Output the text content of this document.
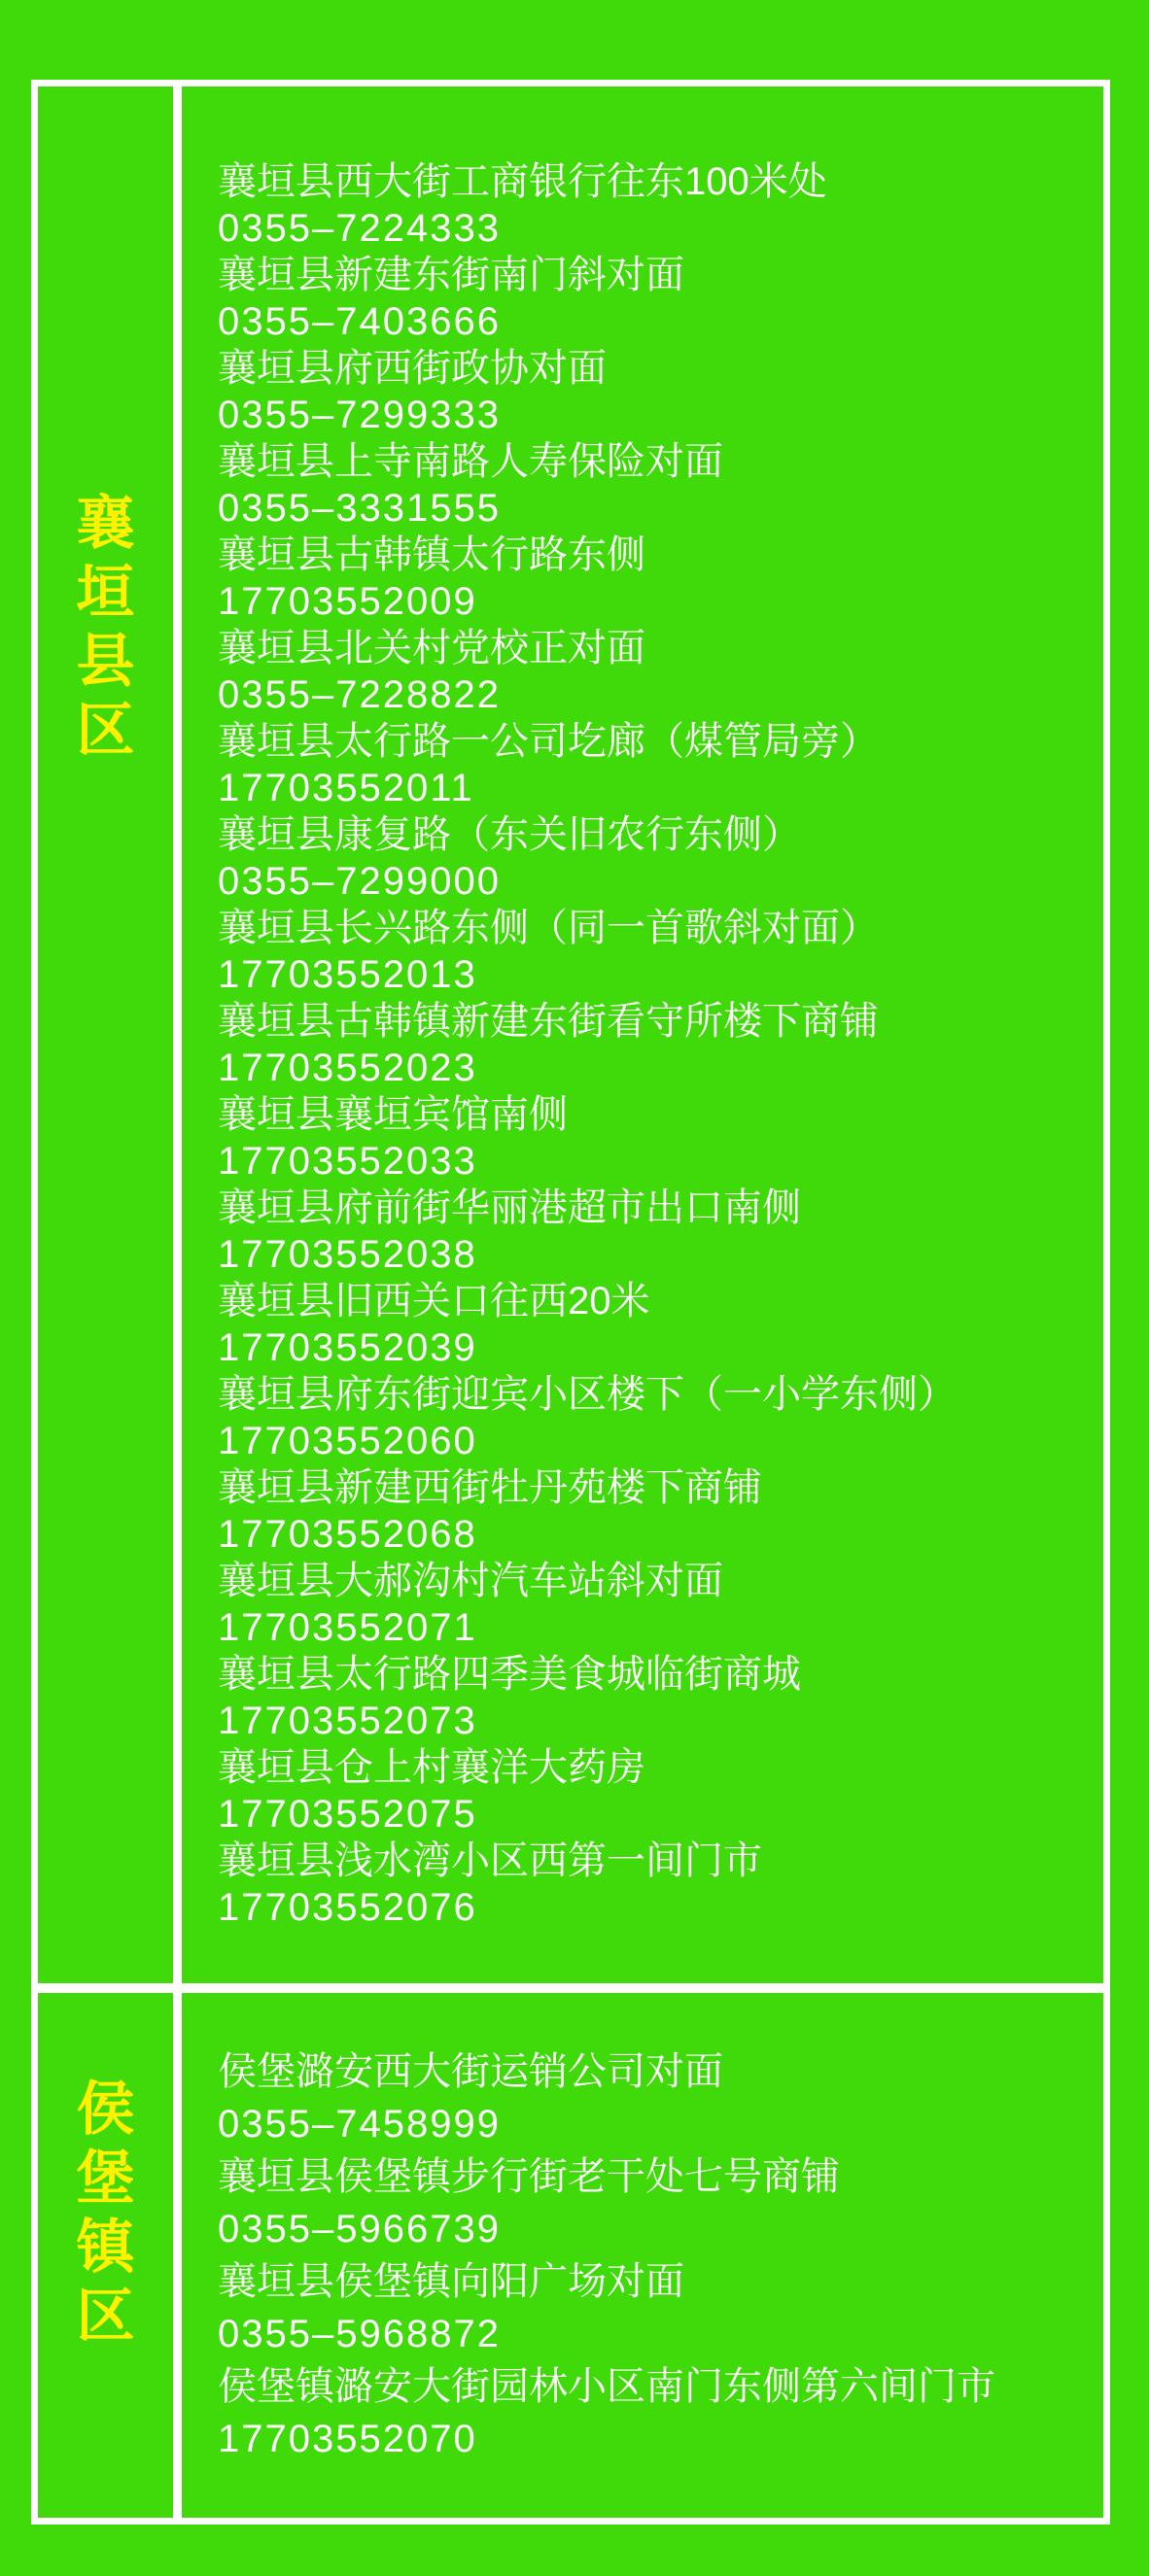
襄
垣
县
区
襄垣县西大街工商银行往东100米处
0355–7224333
襄垣县新建东街南门斜对面
0355–7403666
襄垣县府西街政协对面
0355–7299333
襄垣县上寺南路人寿保险对面
0355–3331555
襄垣县古韩镇太行路东侧
17703552009
襄垣县北关村党校正对面
0355–7228822
襄垣县太行路一公司圪廊（煤管局旁）
17703552011
襄垣县康复路（东关旧农行东侧）
0355–7299000
襄垣县长兴路东侧（同一首歌斜对面）
17703552013
襄垣县古韩镇新建东街看守所楼下商铺
17703552023
襄垣县襄垣宾馆南侧
17703552033
襄垣县府前街华丽港超市出口南侧
17703552038
襄垣县旧西关口往西20米
17703552039
襄垣县府东街迎宾小区楼下（一小学东侧）
17703552060
襄垣县新建西街牡丹苑楼下商铺
17703552068
襄垣县大郝沟村汽车站斜对面
17703552071
襄垣县太行路四季美食城临街商城
17703552073
襄垣县仓上村襄洋大药房
17703552075
襄垣县浅水湾小区西第一间门市
17703552076
侯
堡
镇
区
侯堡潞安西大街运销公司对面
0355–7458999
襄垣县侯堡镇步行街老干处七号商铺
0355–5966739
襄垣县侯堡镇向阳广场对面
0355–5968872
侯堡镇潞安大街园林小区南门东侧第六间门市
17703552070
